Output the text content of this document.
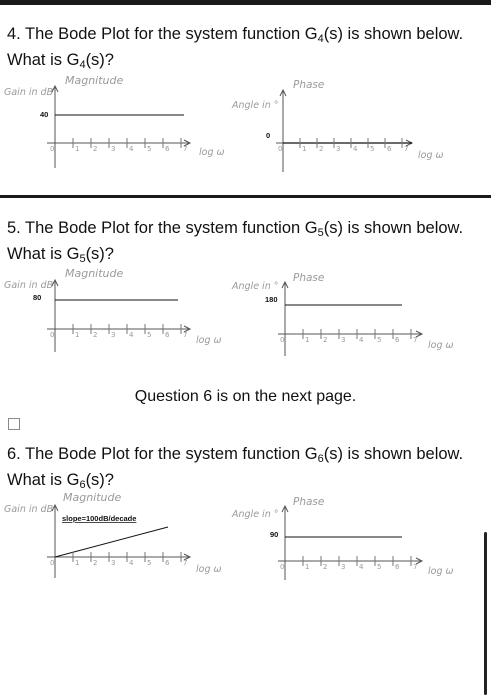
4. The Bode Plot for the system function $G_4(s)$ is shown below. What is $G_4(s)$?

Gain in dB
Magnitude
40
0	1 2 3 4 5 6 7 log ω
Angle in °
Phase
0
0	1 2 3 4 5 6 7
log ω
Gain in dB
Magnitude
80
0	1 2 3 4 5 6 7 log ω
Angle in °
Phase
180
0	1 2 3 4 5 6 7 log ω
Gain in dB
Magnitude
slope=100dB/decade
0	1 2 3 4 5 6 7
log ω
Angle in °
Phase
90
0	1 2 3 4 5 6 7 log ω

5. The Bode Plot for the system function $G_5(s)$ is shown below. What is $G_5(s)$?

Question 6 is on the next page.

6. The Bode Plot for the system function $G_6(s)$ is shown below. What is $G_6(s)$?
